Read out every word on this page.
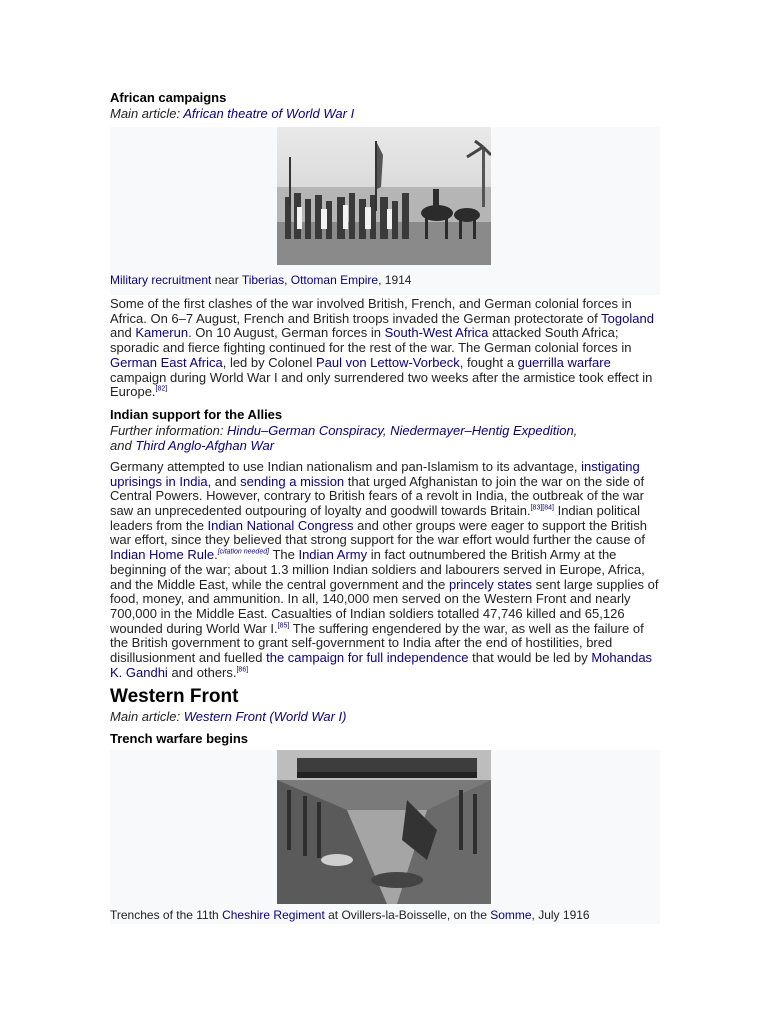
African campaigns
Main article: African theatre of World War I
Military recruitment near Tiberias, Ottoman Empire, 1914

Some of the first clashes of the war involved British, French, and German colonial forces in Africa. On 6–7 August, French and British troops invaded the German protectorate of Togoland and Kamerun. On 10 August, German forces in South-West Africa attacked South Africa; sporadic and fierce fighting continued for the rest of the war. The German colonial forces in German East Africa, led by Colonel Paul von Lettow-Vorbeck, fought a guerrilla warfare campaign during World War I and only surrendered two weeks after the armistice took effect in Europe.[82]

Indian support for the Allies
Further information: Hindu–German Conspiracy, Niedermayer–Hentig Expedition,
and Third Anglo-Afghan War

Germany attempted to use Indian nationalism and pan-Islamism to its advantage, instigating uprisings in India, and sending a mission that urged Afghanistan to join the war on the side of Central Powers. However, contrary to British fears of a revolt in India, the outbreak of the war saw an unprecedented outpouring of loyalty and goodwill towards Britain.[83][84] Indian political leaders from the Indian National Congress and other groups were eager to support the British war effort, since they believed that strong support for the war effort would further the cause of Indian Home Rule.[citation needed] The Indian Army in fact outnumbered the British Army at the beginning of the war; about 1.3 million Indian soldiers and labourers served in Europe, Africa, and the Middle East, while the central government and the princely states sent large supplies of food, money, and ammunition. In all, 140,000 men served on the Western Front and nearly 700,000 in the Middle East. Casualties of Indian soldiers totalled 47,746 killed and 65,126 wounded during World War I.[85] The suffering engendered by the war, as well as the failure of the British government to grant self-government to India after the end of hostilities, bred disillusionment and fuelled the campaign for full independence that would be led by Mohandas K. Gandhi and others.[86]

Western Front
Main article: Western Front (World War I)
Trench warfare begins
Trenches of the 11th Cheshire Regiment at Ovillers-la-Boisselle, on the Somme, July 1916
